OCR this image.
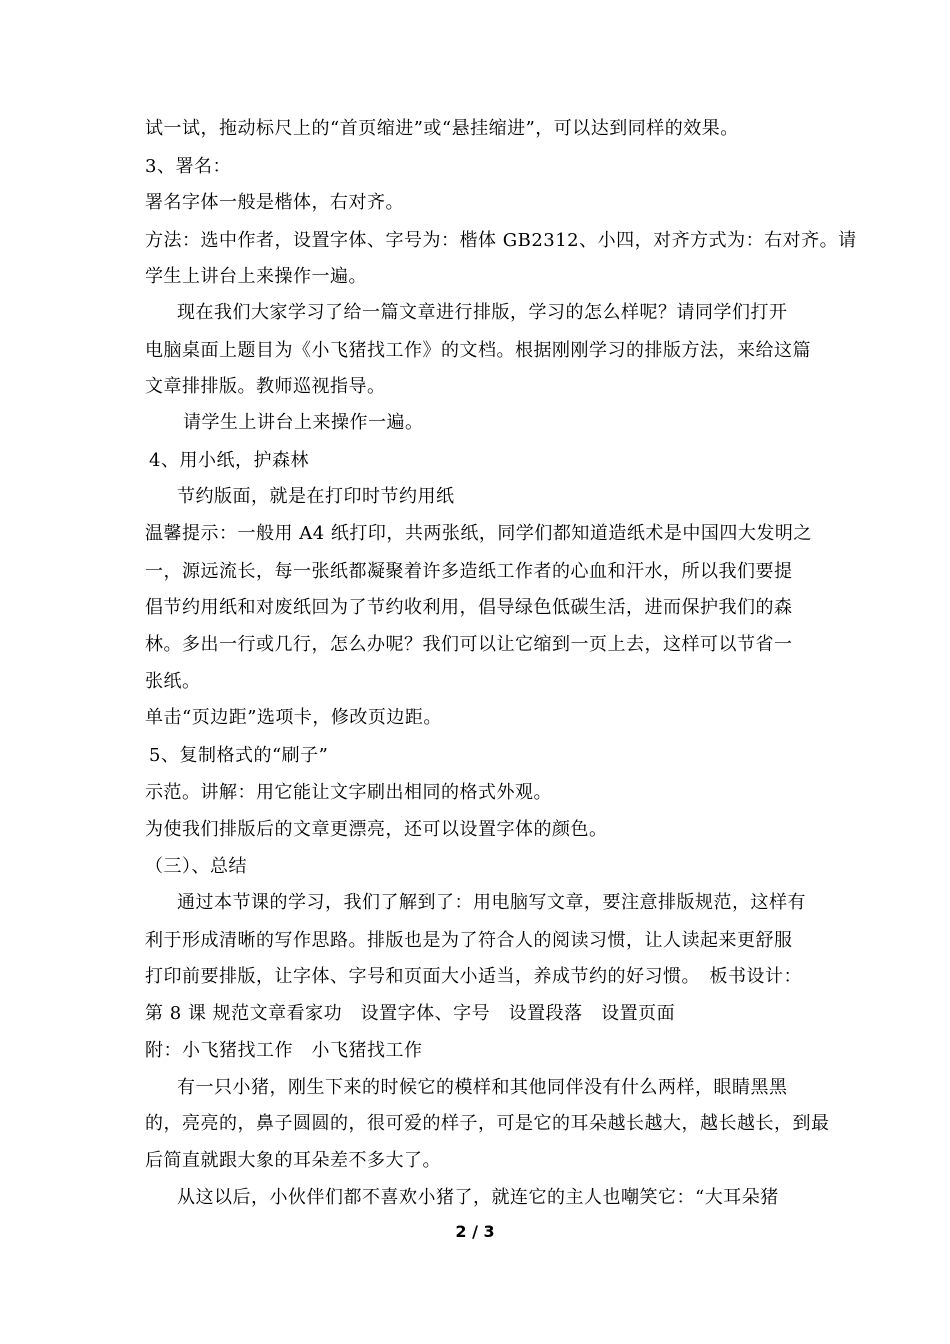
试一试，拖动标尺上的“首页缩进”或“悬挂缩进”，可以达到同样的效果。
3、署名：
署名字体一般是楷体，右对齐。
方法：选中作者，设置字体、字号为：楷体 GB2312、小四，对齐方式为：右对齐。请
学生上讲台上来操作一遍。
现在我们大家学习了给一篇文章进行排版，学习的怎么样呢？请同学们打开
电脑桌面上题目为《小飞猪找工作》的文档。根据刚刚学习的排版方法，来给这篇
文章排排版。教师巡视指导。
请学生上讲台上来操作一遍。
4、用小纸，护森林
节约版面，就是在打印时节约用纸
温馨提示：一般用 A4 纸打印，共两张纸，同学们都知道造纸术是中国四大发明之
一，源远流长，每一张纸都凝聚着许多造纸工作者的心血和汗水，所以我们要提
倡节约用纸和对废纸回为了节约收利用，倡导绿色低碳生活，进而保护我们的森
林。多出一行或几行，怎么办呢？我们可以让它缩到一页上去，这样可以节省一
张纸。
单击“页边距”选项卡，修改页边距。
5、复制格式的“刷子”
示范。讲解：用它能让文字刷出相同的格式外观。
为使我们排版后的文章更漂亮，还可以设置字体的颜色。
（三）、总结
通过本节课的学习，我们了解到了：用电脑写文章，要注意排版规范，这样有
利于形成清晰的写作思路。排版也是为了符合人的阅读习惯，让人读起来更舒服
打印前要排版，让字体、字号和页面大小适当，养成节约的好习惯。　板书设计：
第 8 课 规范文章看家功　设置字体、字号　设置段落　设置页面
附：小飞猪找工作　小飞猪找工作
有一只小猪，刚生下来的时候它的模样和其他同伴没有什么两样，眼睛黑黑
的，亮亮的，鼻子圆圆的，很可爱的样子，可是它的耳朵越长越大，越长越长，到最
后简直就跟大象的耳朵差不多大了。
从这以后，小伙伴们都不喜欢小猪了，就连它的主人也嘲笑它：“大耳朵猪
2 / 3
